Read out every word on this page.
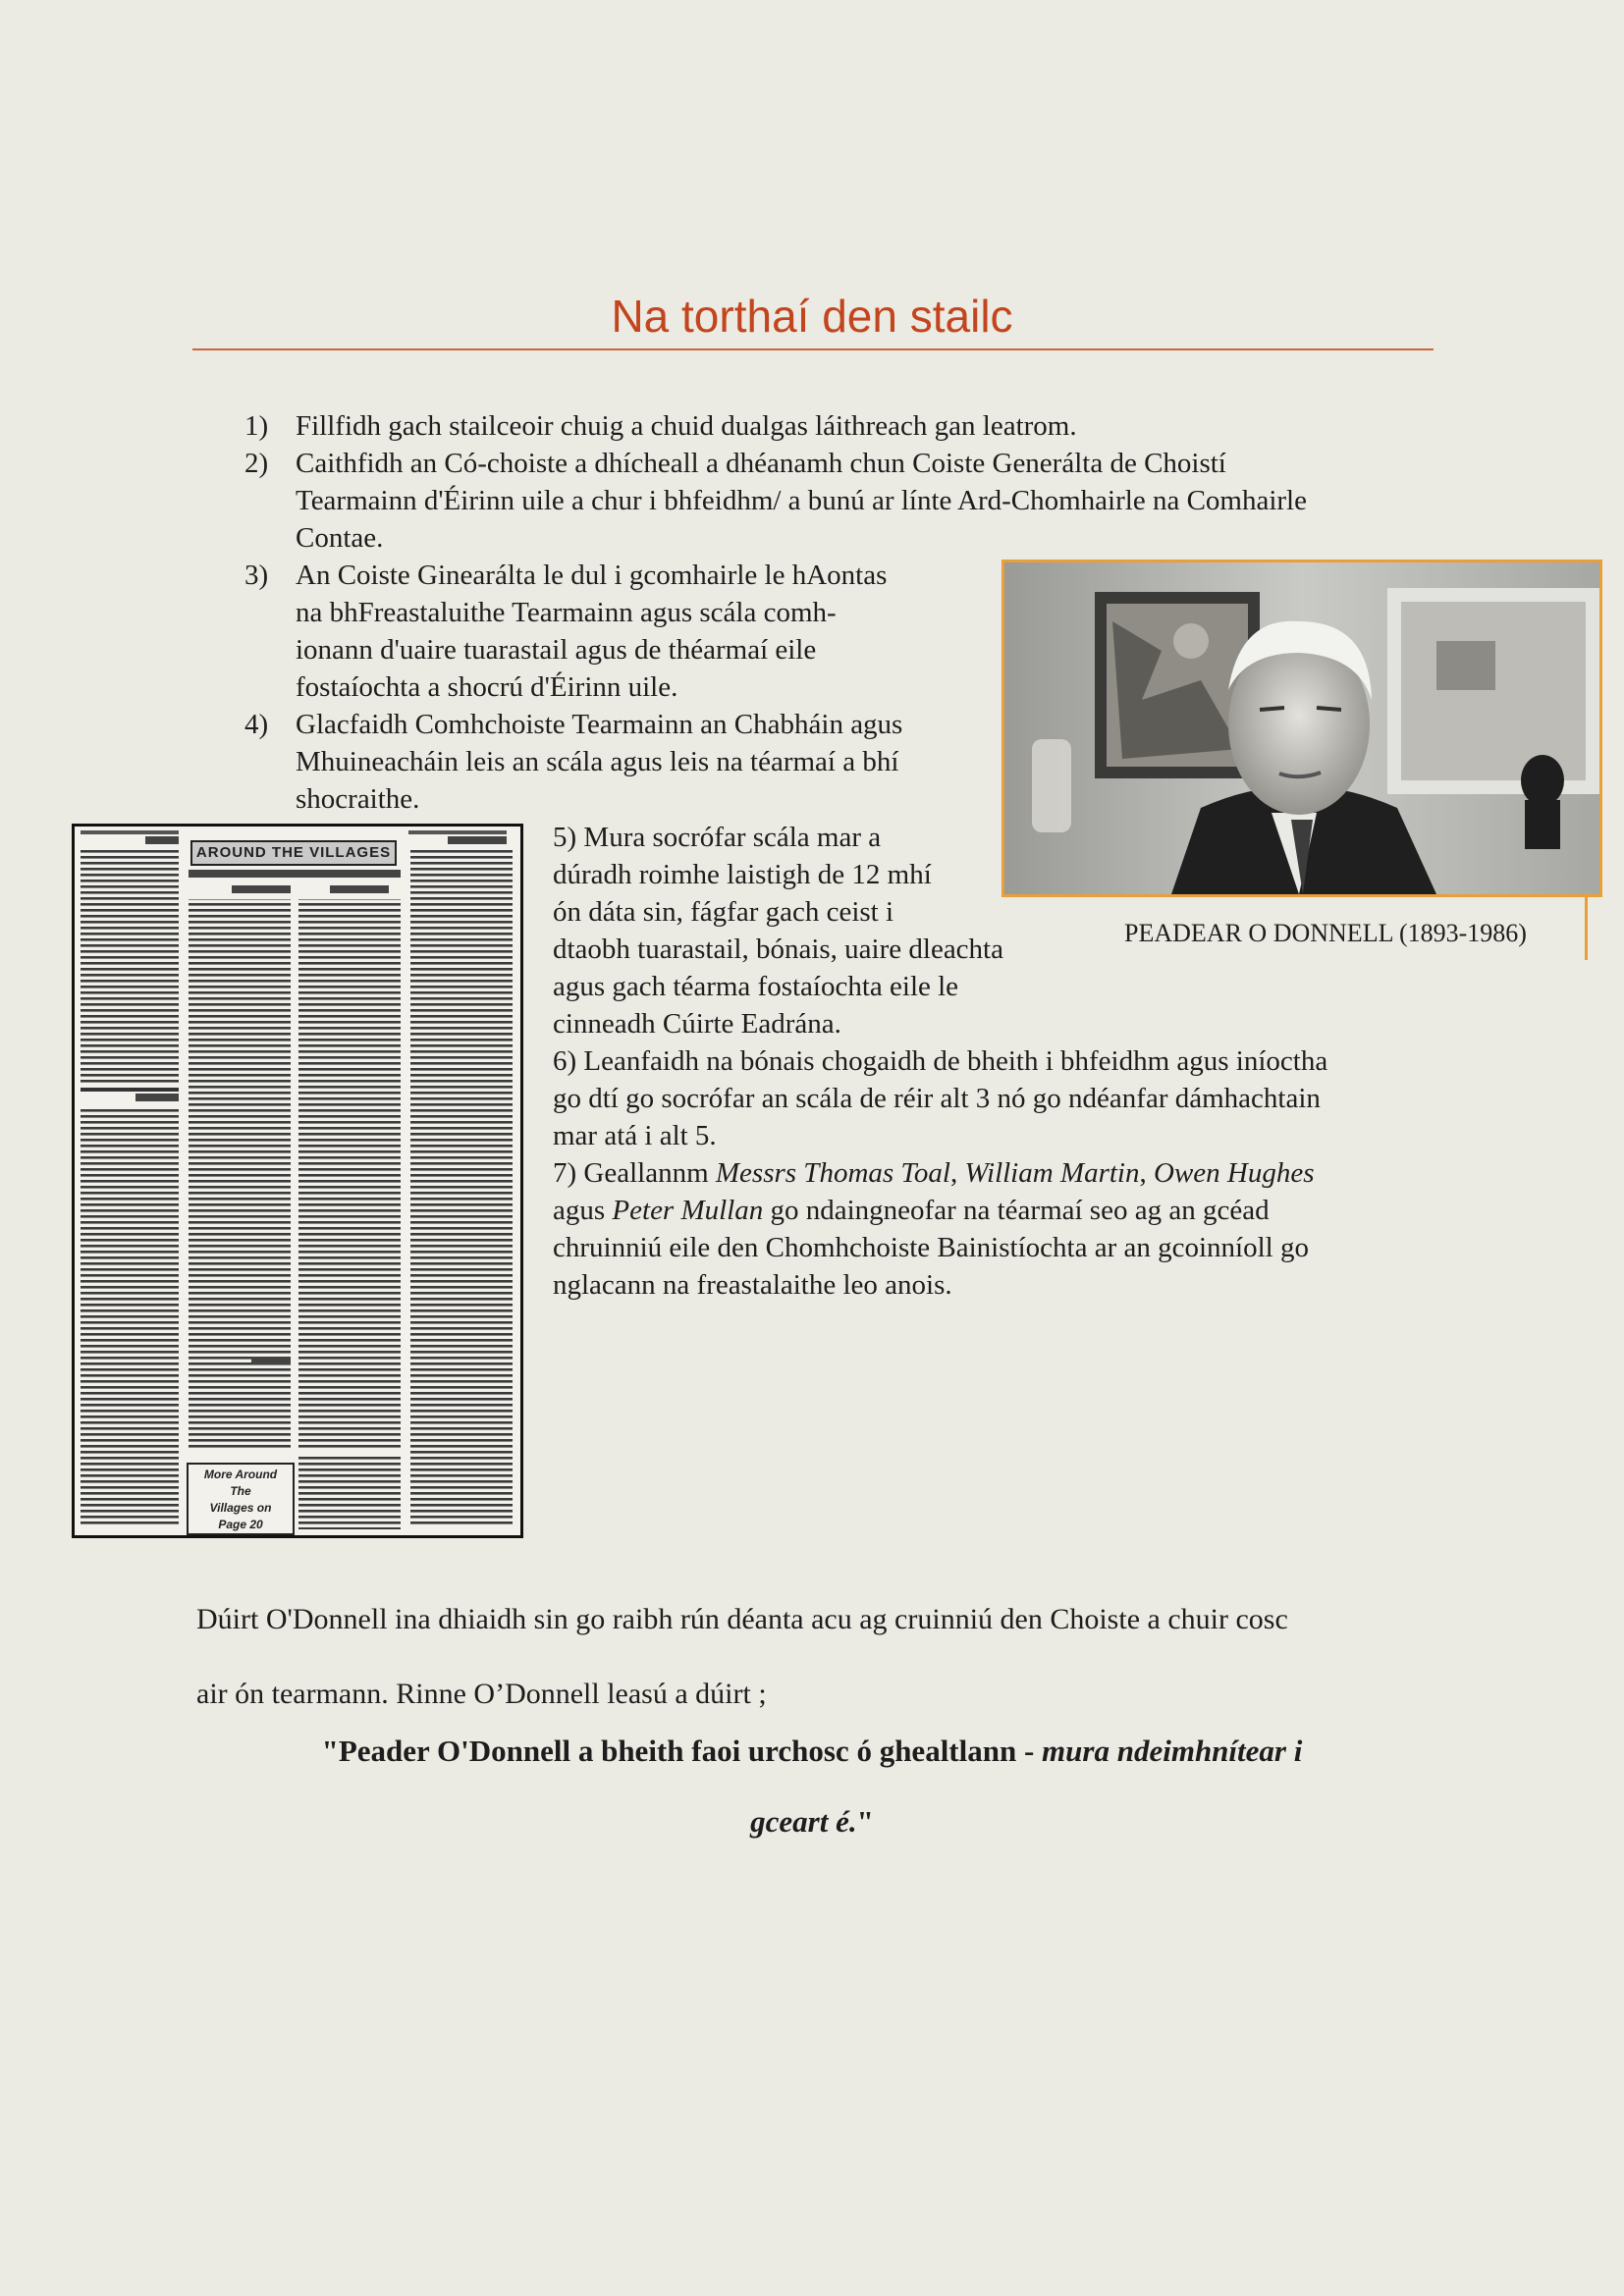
Na torthaí den stailc
1) Fillfidh gach stailceoir chuig a chuid dualgas láithreach gan leatrom.
2) Caithfidh an Có-choiste a dhícheall a dhéanamh chun Coiste Generálta de Choistí
Tearmainn d'Éirinn uile a chur i bhfeidhm/ a bunú ar línte Ard-Chomhairle na Comhairle
Contae.
3) An Coiste Ginearálta le dul i gcomhairle le hAontas
na bhFreastaluithe Tearmainn agus scála comh-
ionann d'uaire tuarastail agus de théarmaí eile
fostaíochta a shocrú d'Éirinn uile.
4) Glacfaidh Comhchoiste Tearmainn an Chabháin agus
Mhuineacháin leis an scála agus leis na téarmaí a bhí
shocraithe.
PEADEAR O DONNELL (1893-1986)
AROUND THE VILLAGES
More Around
The
Villages on
Page 20
5) Mura socrófar scála mar a
dúradh roimhe laistigh de 12 mhí
ón dáta sin, fágfar gach ceist i
dtaobh tuarastail, bónais, uaire dleachta
agus gach téarma fostaíochta eile le
cinneadh Cúirte Eadrána.
6) Leanfaidh na bónais chogaidh de bheith i bhfeidhm agus iníoctha
go dtí go socrófar an scála de réir alt 3 nó go ndéanfar dámhachtain
mar atá i alt 5.
7) Geallannm Messrs Thomas Toal, William Martin, Owen Hughes
agus Peter Mullan go ndaingneofar na téarmaí seo ag an gcéad
chruinniú eile den Chomhchoiste Bainistíochta ar an gcoinníoll go
nglacann na freastalaithe leo anois.
Dúirt O'Donnell ina dhiaidh sin go raibh rún déanta acu ag cruinniú den Choiste a chuir cosc
air ón tearmann. Rinne O’Donnell leasú a dúirt ;
"Peader O'Donnell a bheith faoi urchosc ó ghealtlann - mura ndeimhnítear i
gceart é."
